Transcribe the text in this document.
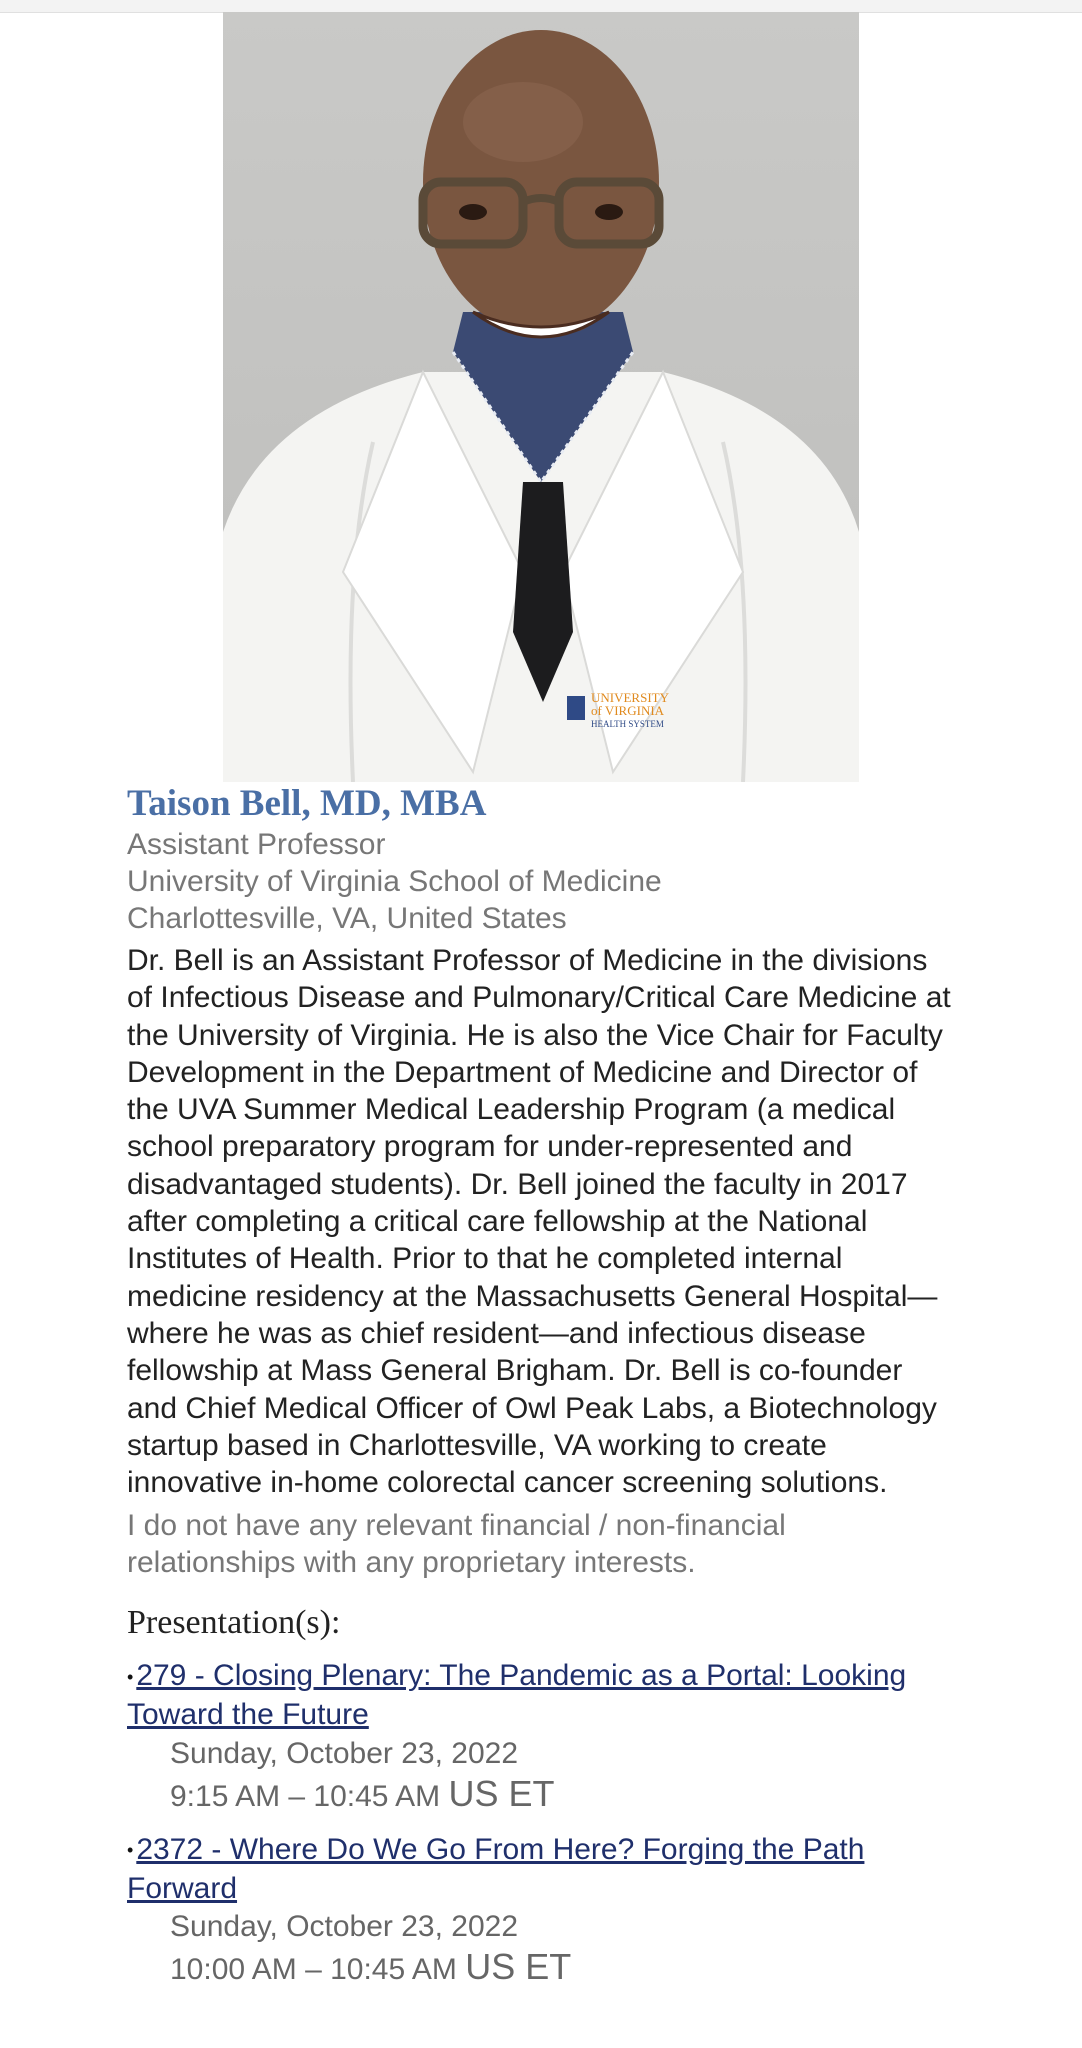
UNIVERSITY
of VIRGINIA
HEALTH SYSTEM
Taison Bell, MD, MBA
Assistant Professor
University of Virginia School of Medicine
Charlottesville, VA, United States
Dr. Bell is an Assistant Professor of Medicine in the divisions of Infectious Disease and Pulmonary/Critical Care Medicine at the University of Virginia. He is also the Vice Chair for Faculty Development in the Department of Medicine and Director of the UVA Summer Medical Leadership Program (a medical school preparatory program for under-represented and disadvantaged students). Dr. Bell joined the faculty in 2017 after completing a critical care fellowship at the National Institutes of Health. Prior to that he completed internal medicine residency at the Massachusetts General Hospital—where he was as chief resident—and infectious disease fellowship at Mass General Brigham. Dr. Bell is co-founder and Chief Medical Officer of Owl Peak Labs, a Biotechnology startup based in Charlottesville, VA working to create innovative in-home colorectal cancer screening solutions.
I do not have any relevant financial / non-financial relationships with any proprietary interests.
Presentation(s):
• 279 - Closing Plenary: The Pandemic as a Portal: Looking Toward the Future
Sunday, October 23, 2022
9:15 AM – 10:45 AM US ET
• 2372 - Where Do We Go From Here? Forging the Path Forward
Sunday, October 23, 2022
10:00 AM – 10:45 AM US ET
